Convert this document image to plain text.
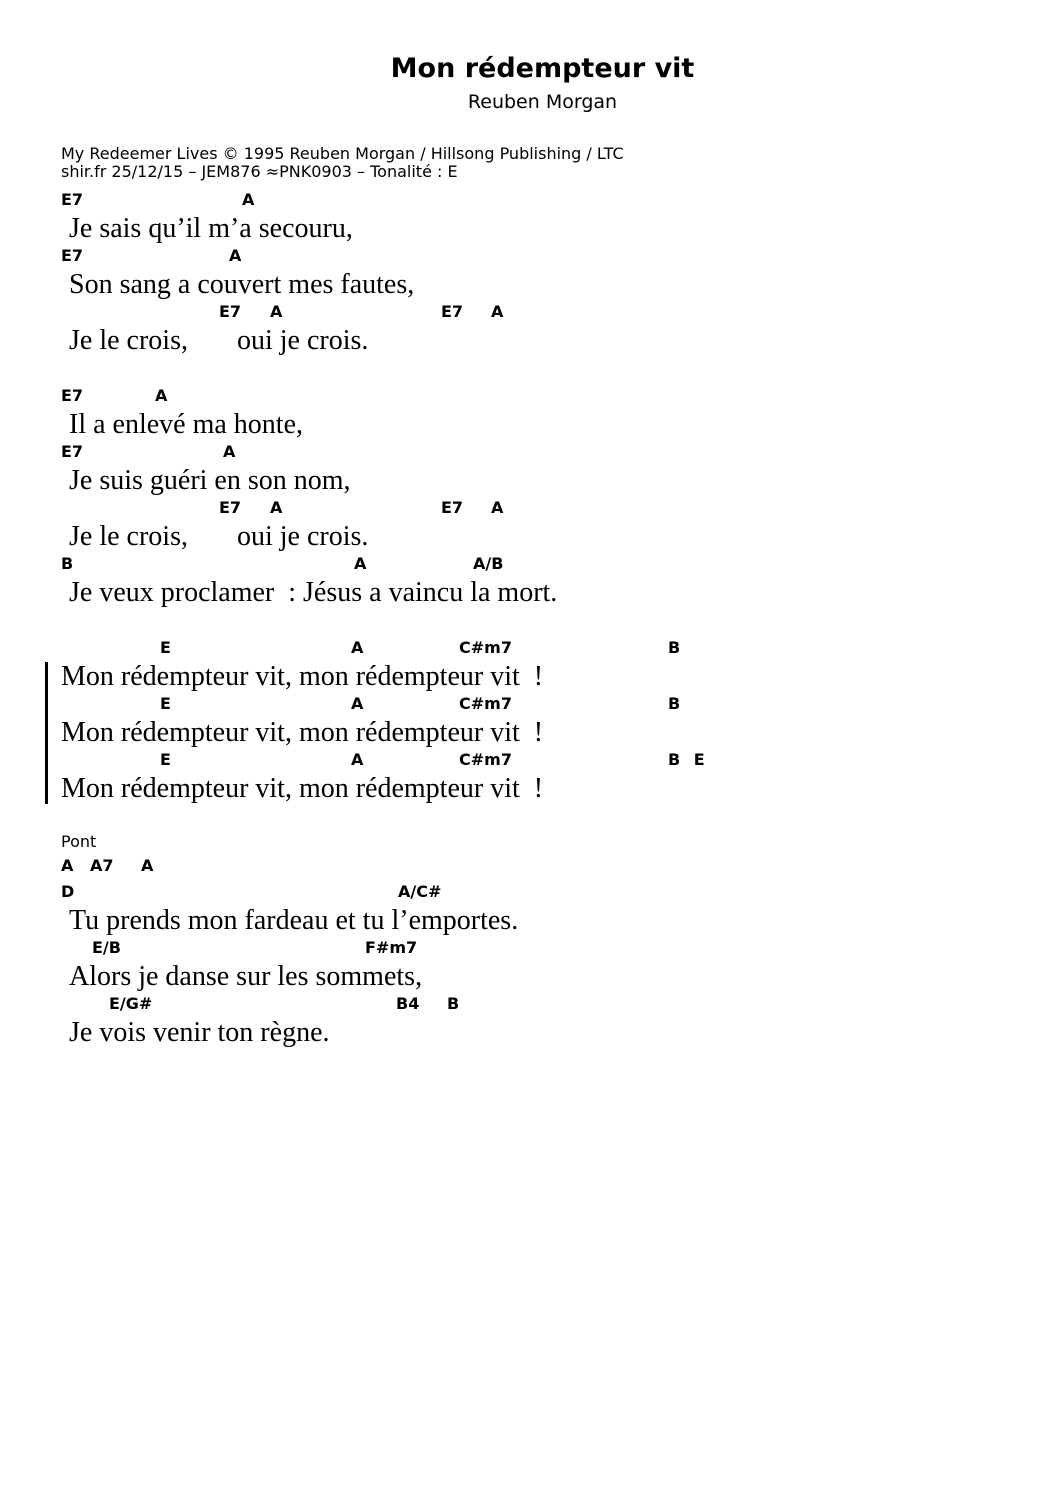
Mon rédempteur vit
Reuben Morgan
My Redeemer Lives © 1995 Reuben Morgan / Hillsong Publishing / LTC
shir.fr 25/12/15 – JEM876 ≈PNK0903 – Tonalité : E
E7	A
Je sais qu’il m’a secouru,
E7	A
Son sang a couvert mes fautes,
E7 A	E7 A
Je le crois,       oui je crois.
E7	A
Il a enlevé ma honte,
E7	A
Je suis guéri en son nom,
E7 A	E7 A
Je le crois,       oui je crois.
B	A	A/B
Je veux proclamer  : Jésus a vaincu la mort.
E	A	C#m7	B
Mon rédempteur vit, mon rédempteur vit  !
E	A	C#m7	B
Mon rédempteur vit, mon rédempteur vit  !
E	A	C#m7	B E
Mon rédempteur vit, mon rédempteur vit  !
Pont
A A7 A
D	A/C#
Tu prends mon fardeau et tu l’emportes.
E/B	F#m7
Alors je danse sur les sommets,
E/G#	B4 B
Je vois venir ton règne.
